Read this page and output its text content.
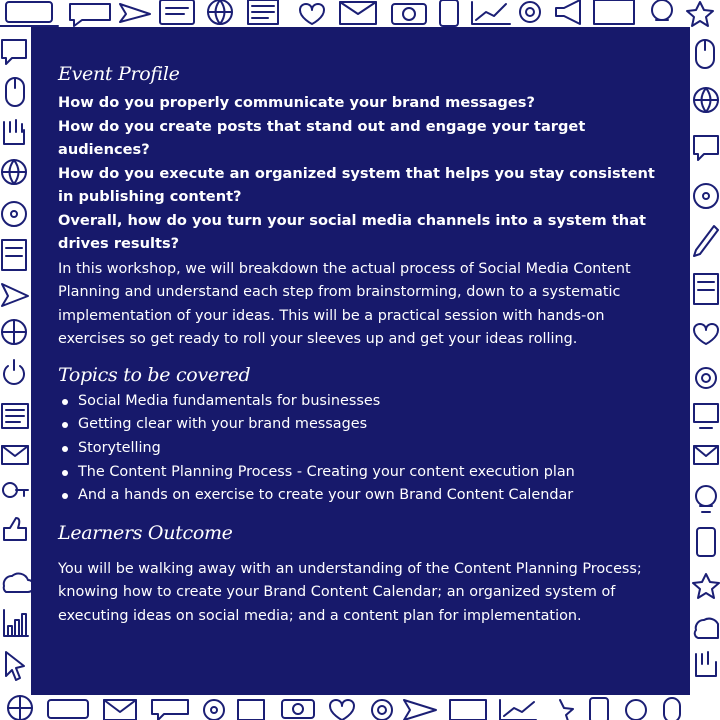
Event Profile

How do you properly communicate your brand messages?

How do you create posts that stand out and engage your target audiences?

How do you execute an organized system that helps you stay consistent in publishing content?

Overall, how do you turn your social media channels into a system that drives results?

In this workshop, we will breakdown the actual process of Social Media Content Planning and understand each step from brainstorming, down to a systematic implementation of your ideas. This will be a practical session with hands-on exercises so get ready to roll your sleeves up and get your ideas rolling.

Topics to be covered
Social Media fundamentals for businesses
Getting clear with your brand messages
Storytelling
The Content Planning Process - Creating your content execution plan
And a hands on exercise to create your own Brand Content Calendar
Learners Outcome

You will be walking away with an understanding of the Content Planning Process; knowing how to create your Brand Content Calendar; an organized system of executing ideas on social media; and a content plan for implementation.
